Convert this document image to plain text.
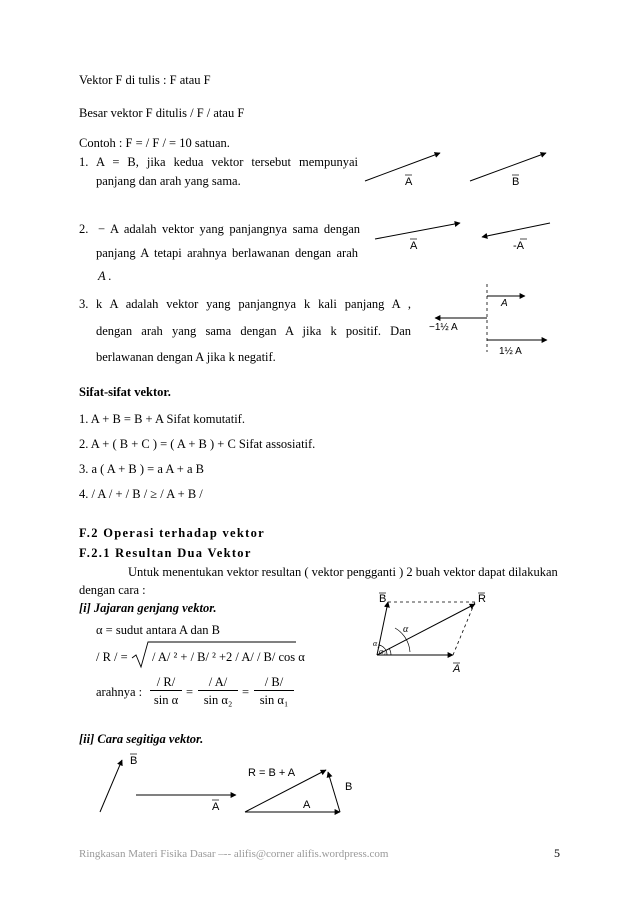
Vektor F di tulis : F atau F
Besar vektor F ditulis / F / atau F
Contoh : F = / F / = 10 satuan.
1. A = B, jika kedua vektor tersebut mempunyai
panjang dan arah yang sama.	A	B
2. − A adalah vektor yang panjangnya sama dengan
panjang A tetapi arahnya berlawanan dengan arah
A .
A	-A
3. k A adalah vektor yang panjangnya k kali panjang A ,
dengan arah yang sama dengan A jika k positif. Dan
berlawanan dengan A jika k negatif.
A
−1½ A
1½ A
Sifat-sifat vektor.
1. A + B = B + A Sifat komutatif.
2. A + ( B + C ) = ( A + B ) + C Sifat assosiatif.
3. a ( A + B ) = a A + a B
4. / A / + / B / ≥ / A + B /
F.2 Operasi terhadap vektor
F.2.1 Resultan Dua Vektor
Untuk menentukan vektor resultan ( vektor pengganti ) 2 buah vektor dapat dilakukan
dengan cara :
[i] Jajaran genjang vektor.
α = sudut antara A dan B
/ R / = / A/ ² + / B/ ² +2 / A/ / B/ cos α
arahnya :
/ R/
sin α
=
/ A/
sin α₂
=
/ B/
sin α₁
B	R
A
α
α₂
α₁
[ii] Cara segitiga vektor.
B
A
R = B + A
A
B
Ringkasan Materi Fisika Dasar –-- alifis@corner alifis.wordpress.com	5
